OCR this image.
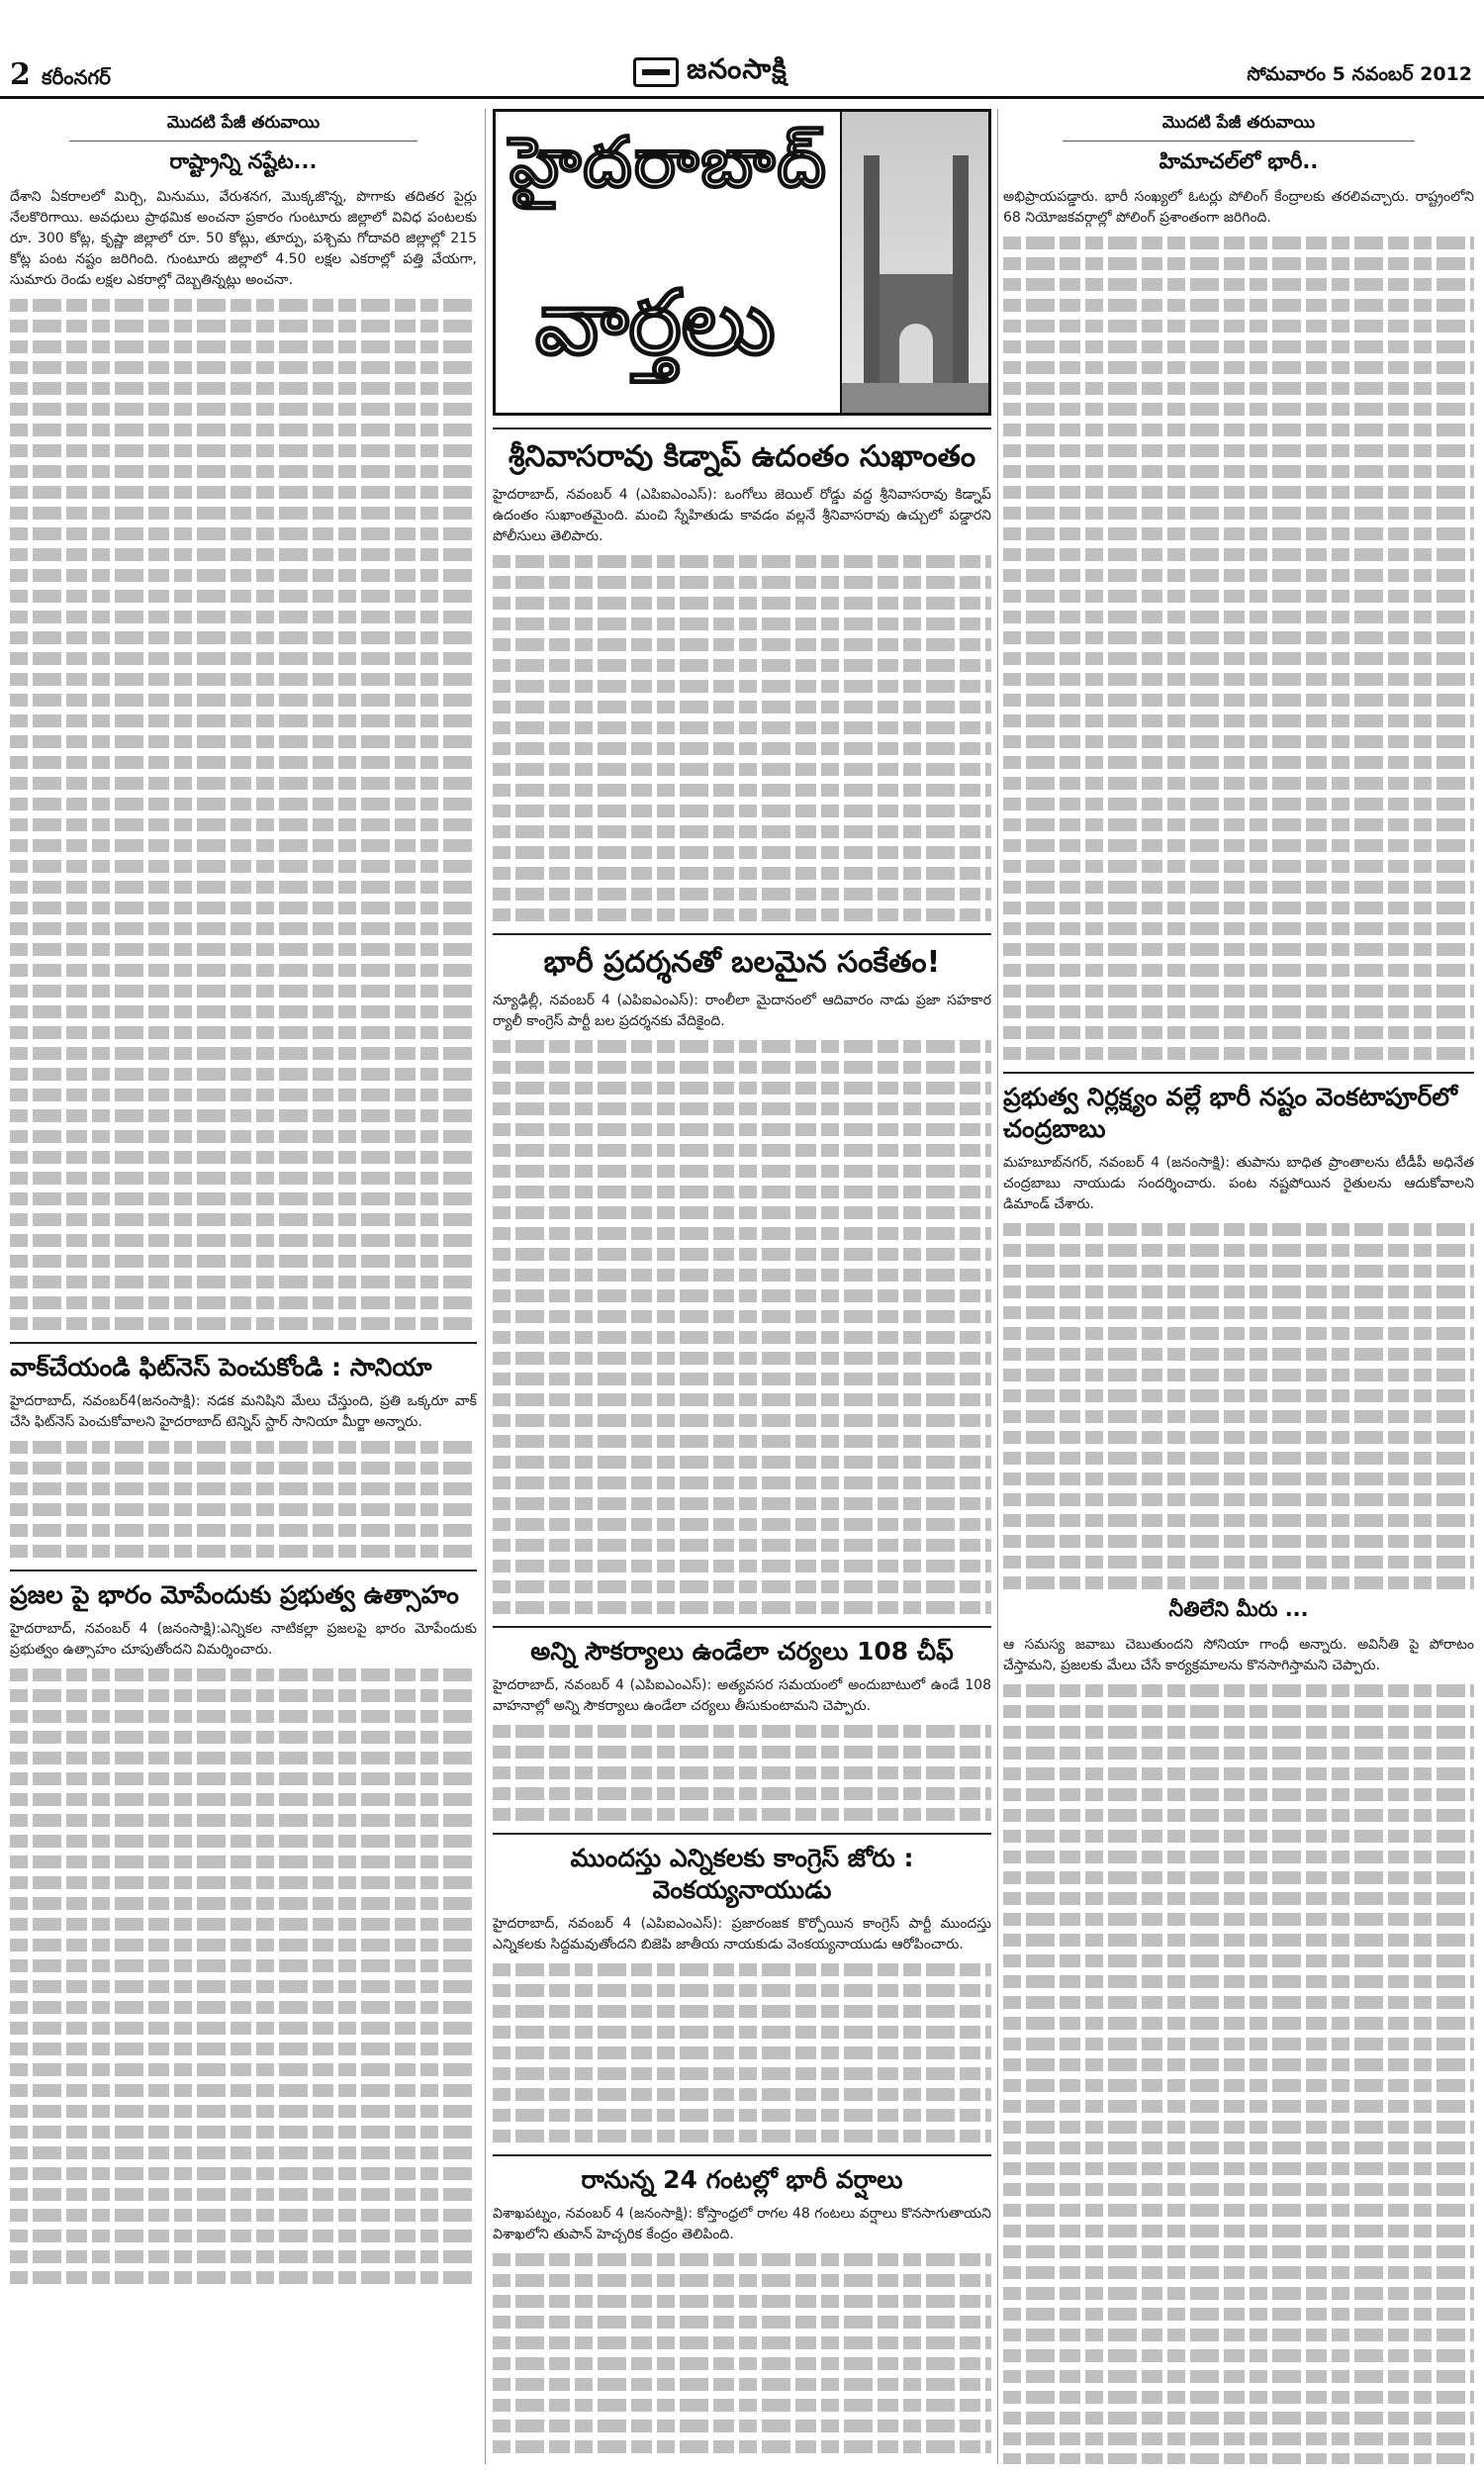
2 కరీంనగర్	జనంసాక్షి	సోమవారం 5 నవంబర్ 2012
మొదటి పేజీ తరువాయి
రాష్ట్రాన్ని నష్టేట...
దేశాని ఏకరాలలో మిర్చి, మినుము, వేరుశనగ, మొక్కజొన్న, పొగాకు తదితర పైర్లు నేలకొరిగాయి. అవధులు ప్రాథమిక అంచనా ప్రకారం గుంటూరు జిల్లాలో వివిధ పంటలకు రూ. 300 కోట్ల, కృష్ణా జిల్లాలో రూ. 50 కోట్లు, తూర్పు, పశ్చిమ గోదావరి జిల్లాల్లో 215 కోట్ల పంట నష్టం జరిగింది. గుంటూరు జిల్లాలో 4.50 లక్షల ఎకరాల్లో పత్తి వేయగా, సుమారు రెండు లక్షల ఎకరాల్లో దెబ్బతిన్నట్లు అంచనా.
వాక్‌చేయండి ఫిట్‌నెస్ పెంచుకోండి : సానియా
హైదరాబాద్, నవంబర్4(జనంసాక్షి): నడక మనిషిని మేలు చేస్తుంది, ప్రతి ఒక్కరూ వాక్ చేసి ఫిట్‌నెస్ పెంచుకోవాలని హైదరాబాద్ టెన్నిస్ స్టార్ సానియా మీర్జా అన్నారు.
ప్రజల పై భారం మోపేందుకు ప్రభుత్వ ఉత్సాహం
హైదరాబాద్, నవంబర్ 4 (జనంసాక్షి):ఎన్నికల నాటికల్లా ప్రజలపై భారం మోపేందుకు ప్రభుత్వం ఉత్సాహం చూపుతోందని విమర్శించారు.
హైదరాబాద్
వార్తలు
శ్రీనివాసరావు కిడ్నాప్ ఉదంతం సుఖాంతం
హైదరాబాద్, నవంబర్ 4 (ఎపిఐఎంఎస్): ఒంగోలు జెయిల్ రోడ్డు వద్ద శ్రీనివాసరావు కిడ్నాప్ ఉదంతం సుఖాంతమైంది. మంచి స్నేహితుడు కావడం వల్లనే శ్రీనివాసరావు ఉచ్చులో పడ్డారని పోలీసులు తెలిపారు.
భారీ ప్రదర్శనతో బలమైన సంకేతం!
న్యూఢిల్లీ, నవంబర్ 4 (ఎపిఐఎంఎస్): రాంలీలా మైదానంలో ఆదివారం నాడు ప్రజా సహకార ర్యాలీ కాంగ్రెస్ పార్టీ బల ప్రదర్శనకు వేదికైంది.
అన్ని సౌకర్యాలు ఉండేలా చర్యలు 108 చీఫ్
హైదరాబాద్, నవంబర్ 4 (ఎపిఐఎంఎస్): అత్యవసర సమయంలో అందుబాటులో ఉండే 108 వాహనాల్లో అన్ని సౌకర్యాలు ఉండేలా చర్యలు తీసుకుంటామని చెప్పారు.
ముందస్తు ఎన్నికలకు కాంగ్రెస్ జోరు : వెంకయ్యనాయుడు
హైదరాబాద్, నవంబర్ 4 (ఎపిఐఎంఎస్): ప్రజారంజక కొర్పోయిన కాంగ్రెస్ పార్టీ ముందస్తు ఎన్నికలకు సిద్దమవుతోందని బిజెపి జాతీయ నాయకుడు వెంకయ్యనాయుడు ఆరోపించారు.
రానున్న 24 గంటల్లో భారీ వర్షాలు
విశాఖపట్నం, నవంబర్ 4 (జనంసాక్షి): కోస్తాంధ్రలో రాగల 48 గంటలు వర్షాలు కొనసాగుతాయని విశాఖలోని తుపాన్ హెచ్చరిక కేంద్రం తెలిపింది.
మొదటి పేజీ తరువాయి
హిమాచల్‌లో భారీ..
అభిప్రాయపడ్డారు. భారీ సంఖ్యలో ఓటర్లు పోలింగ్ కేంద్రాలకు తరలివచ్చారు. రాష్ట్రంలోని 68 నియోజకవర్గాల్లో పోలింగ్ ప్రశాంతంగా జరిగింది.
ప్రభుత్వ నిర్లక్ష్యం వల్లే భారీ నష్టం వెంకటాపూర్‌లో చంద్రబాబు
మహబూబ్‌నగర్, నవంబర్ 4 (జనంసాక్షి): తుపాను బాధిత ప్రాంతాలను టీడీపీ అధినేత చంద్రబాబు నాయుడు సందర్శించారు. పంట నష్టపోయిన రైతులను ఆదుకోవాలని డిమాండ్ చేశారు.
నీతిలేని మీరు ...
ఆ సమస్య జవాబు చెబుతుందని సోనియా గాంధీ అన్నారు. అవినీతి పై పోరాటం చేస్తామని, ప్రజలకు మేలు చేసే కార్యక్రమాలను కొనసాగిస్తామని చెప్పారు.
